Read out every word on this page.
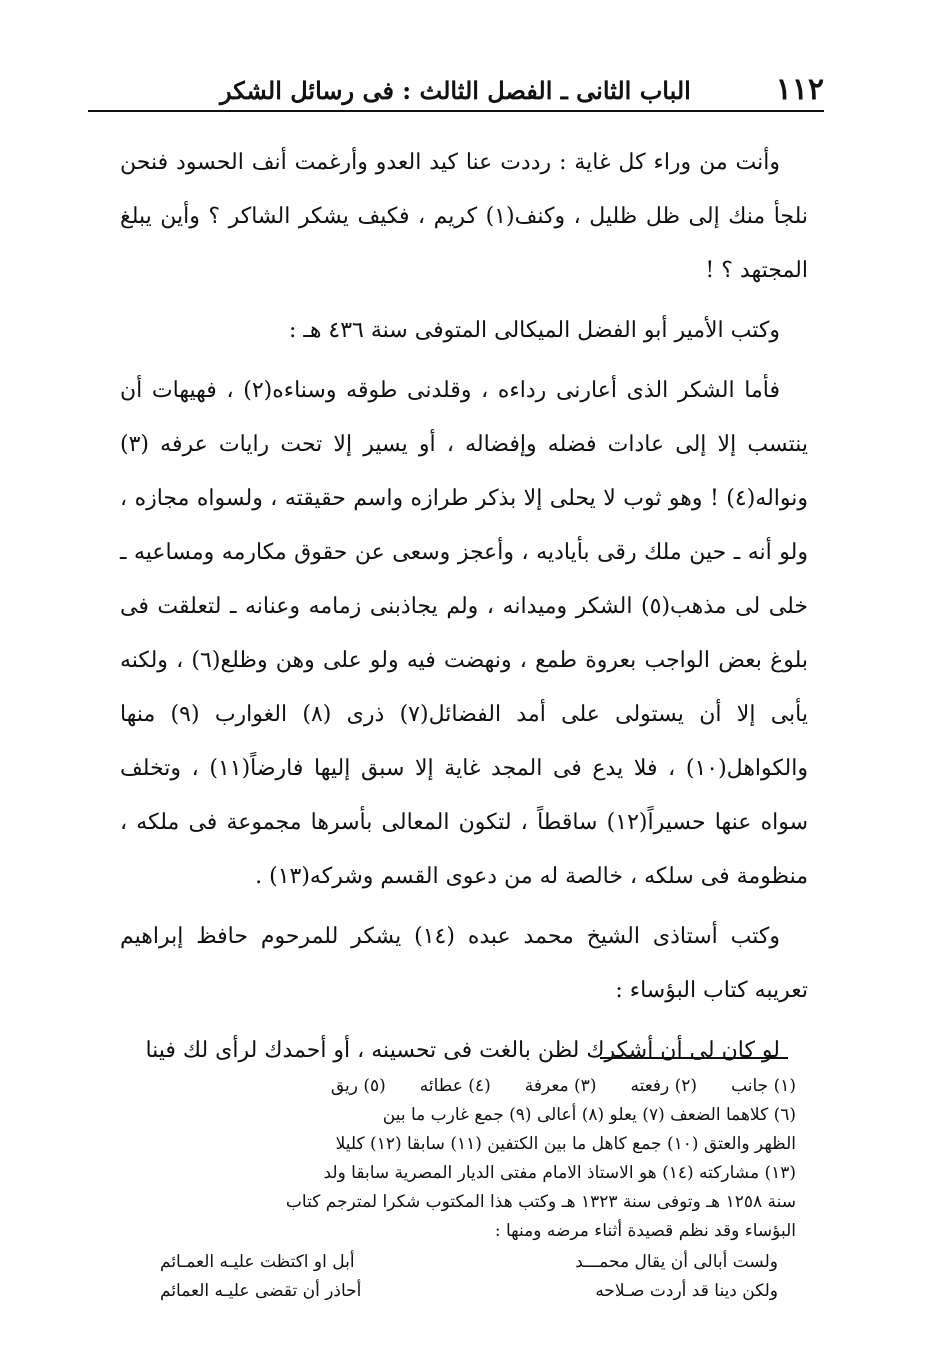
١١٢
الباب الثانى ـ الفصل الثالث : فى رسائل الشكر

وأنت من وراء كل غاية : رددت عنا كيد العدو وأرغمت أنف الحسود فنحن نلجأ منك إلى ظل ظليل ، وكنف(١) كريم ، فكيف يشكر الشاكر ؟ وأين يبلغ المجتهد ؟ !

وكتب الأمير أبو الفضل الميكالى المتوفى سنة ٤٣٦ هـ :

فأما الشكر الذى أعارنى رداءه ، وقلدنى طوقه وسناءه(٢) ، فهيهات أن ينتسب إلا إلى عادات فضله وإفضاله ، أو يسير إلا تحت رايات عرفه (٣) ونواله(٤) ! وهو ثوب لا يحلى إلا بذكر طرازه واسم حقيقته ، ولسواه مجازه ، ولو أنه ـ حين ملك رقى بأياديه ، وأعجز وسعى عن حقوق مكارمه ومساعيه ـ خلى لى مذهب(٥) الشكر وميدانه ، ولم يجاذبنى زمامه وعنانه ـ لتعلقت فى بلوغ بعض الواجب بعروة طمع ، ونهضت فيه ولو على وهن وظلع(٦) ، ولكنه يأبى إلا أن يستولى على أمد الفضائل(٧) ذرى (٨) الغوارب (٩) منها والكواهل(١٠) ، فلا يدع فى المجد غاية إلا سبق إليها فارضاً(١١) ، وتخلف سواه عنها حسيراً(١٢) ساقطاً ، لتكون المعالى بأسرها مجموعة فى ملكه ، منظومة فى سلكه ، خالصة له من دعوى القسم وشركه(١٣) .

وكتب أستاذى الشيخ محمد عبده (١٤) يشكر للمرحوم حافظ إبراهيم تعريبه كتاب البؤساء :

لو كان لى أن أشكرك لظن بالغت فى تحسينه ، أو أحمدك لرأى لك فينا

(١) جانب
(٢) رفعته
(٣) معرفة
(٤) عطائه
(٥) ريق
(٦) كلاهما الضعف (٧) يعلو (٨) أعالى (٩) جمع غارب ما بين
الظهر والعتق (١٠) جمع كاهل ما بين الكتفين (١١) سابقا (١٢) كليلا
(١٣) مشاركته (١٤) هو الاستاذ الامام مفتى الديار المصرية سابقا ولد
سنة ١٢٥٨ هـ وتوفى سنة ١٣٢٣ هـ وكتب هذا المكتوب شكرا لمترجم كتاب
البؤساء وقد نظم قصيدة أثناء مرضه ومنها :
ولست أبالى أن يقال محمـــد
أبل او اكتظت عليـه العمـائم
ولكن دينا قد أردت صـلاحه
أحاذر أن تقضى عليـه العمائم
